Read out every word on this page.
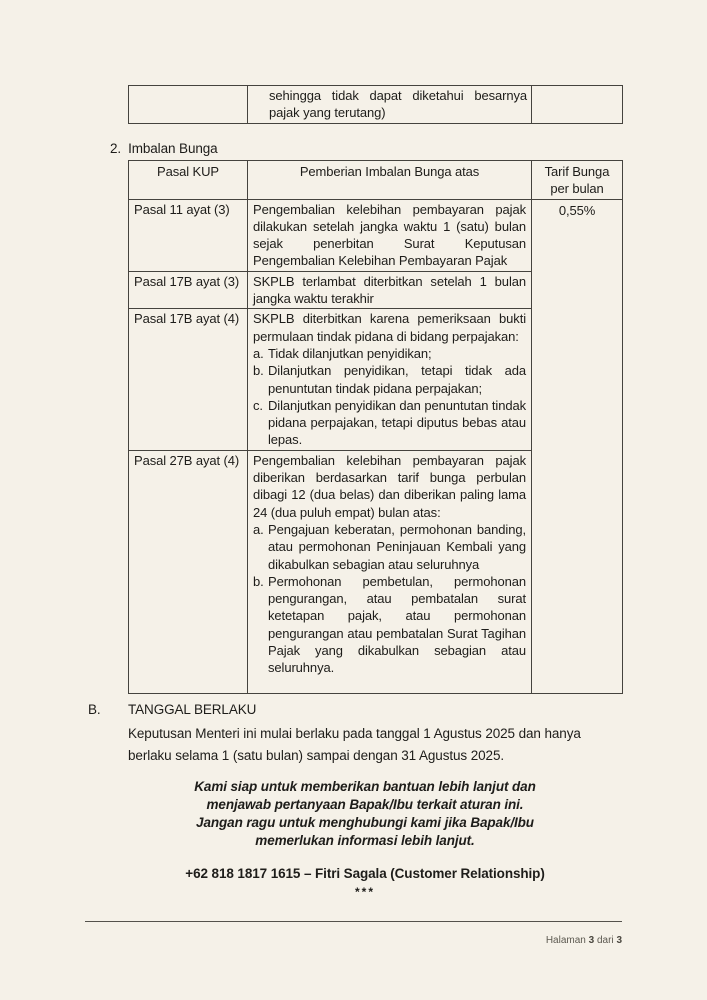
	sehingga tidak dapat diketahui besarnya pajak yang terutang)	
2. Imbalan Bunga
Pasal KUP	Pemberian Imbalan Bunga atas	Tarif Bunga per bulan
Pasal 11 ayat (3)	Pengembalian kelebihan pembayaran pajak dilakukan setelah jangka waktu 1 (satu) bulan sejak penerbitan Surat Keputusan Pengembalian Kelebihan Pembayaran Pajak	0,55%
Pasal 17B ayat (3)	SKPLB terlambat diterbitkan setelah 1 bulan jangka waktu terakhir	

Pasal 17B ayat (4)	SKPLB diterbitkan karena pemeriksaan bukti permulaan tindak pidana di bidang perpajakan:
a. Tidak dilanjutkan penyidikan;
b. Dilanjutkan penyidikan, tetapi tidak ada penuntutan tindak pidana perpajakan;
c. Dilanjutkan penyidikan dan penuntutan tindak pidana perpajakan, tetapi diputus bebas atau lepas.

Pasal 27B ayat (4)	Pengembalian kelebihan pembayaran pajak diberikan berdasarkan tarif bunga perbulan dibagi 12 (dua belas) dan diberikan paling lama 24 (dua puluh empat) bulan atas:
a. Pengajuan keberatan, permohonan banding, atau permohonan Peninjauan Kembali yang dikabulkan sebagian atau seluruhnya
b. Permohonan pembetulan, permohonan pengurangan, atau pembatalan surat ketetapan pajak, atau permohonan pengurangan atau pembatalan Surat Tagihan Pajak yang dikabulkan sebagian atau seluruhnya.	
B.	TANGGAL BERLAKU
Keputusan Menteri ini mulai berlaku pada tanggal 1 Agustus 2025 dan hanya berlaku selama 1 (satu bulan) sampai dengan 31 Agustus 2025.
Kami siap untuk memberikan bantuan lebih lanjut dan
menjawab pertanyaan Bapak/Ibu terkait aturan ini.
Jangan ragu untuk menghubungi kami jika Bapak/Ibu
memerlukan informasi lebih lanjut.
+62 818 1817 1615 – Fitri Sagala (Customer Relationship)
***
Halaman 3 dari 3
